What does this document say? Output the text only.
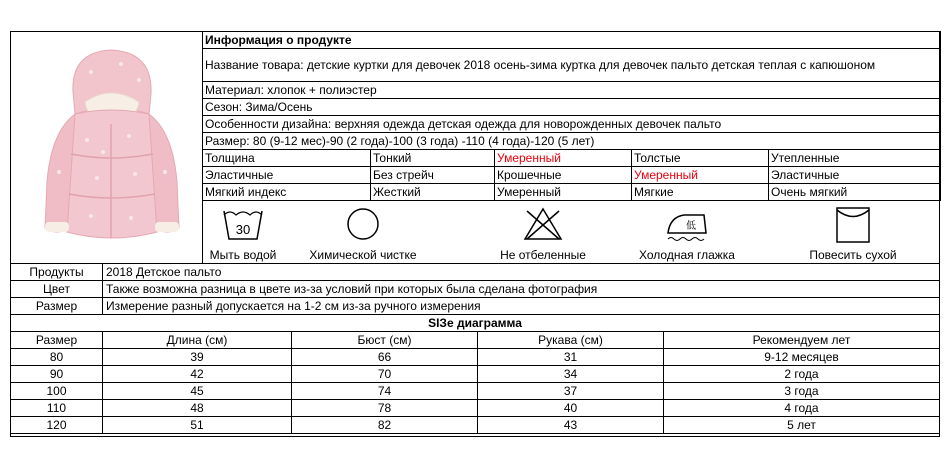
Информация о продукте				
Название товара: детские куртки для девочек 2018 осень-зима куртка для девочек пальто детская теплая с капюшоном				
Материал: хлопок + полиэстер				
Сезон: Зима/Осень				
Особенности дизайна: верхняя одежда детская одежда для новорожденных девочек пальто				
Размер: 80 (9-12 мес)-90 (2 года)-100 (3 года) -110 (4 года)-120 (5 лет)				
Толщина	Тонкий	Умеренный	Толстые	Утепленные
Эластичные	Без стрейч	Крошечные	Умеренный	Эластичные
Мягкий индекс	Жесткий	Умеренный	Мягкие	Очень мягкий
30
Мыть водой	Химической чистке	Не отбеленные
低
Холодная глажка	Повесить сухой
Продукты	2018 Детское пальто
Цвет	Также возможна разница в цвете из-за условий при которых была сделана фотография
Размер	Измерение разный допускается на 1-2 см из-за ручного измерения
SIЗе диаграмма				
Размер	Длина (см)	Бюст (см)	Рукава (см)	Рекомендуем лет
80	39	66	31	9-12 месяцев
90	42	70	34	2 года
100	45	74	37	3 года
110	48	78	40	4 года
120	51	82	43	5 лет
